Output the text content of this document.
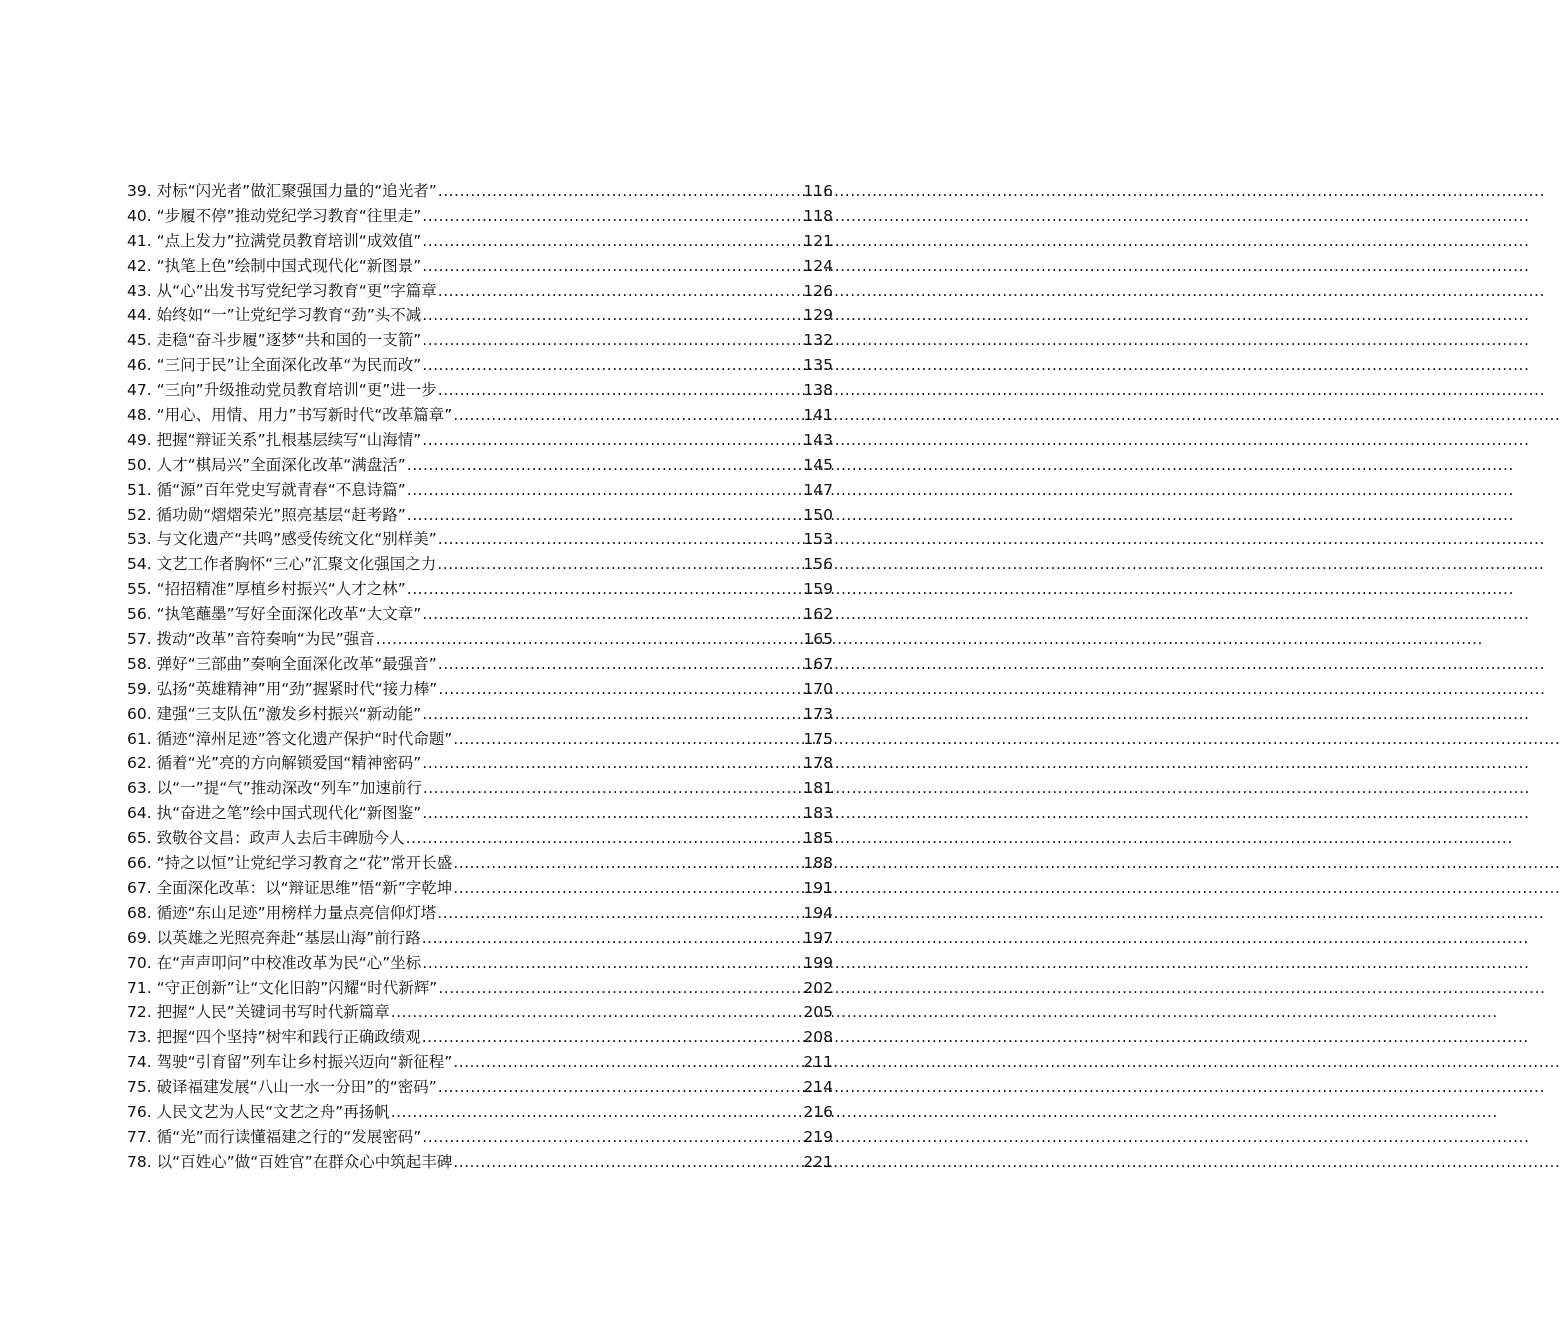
39. 对标“闪光者”做汇聚强国力量的“追光者” .....	116
40. “步履不停”推动党纪学习教育“往里走” .....	118
41. “点上发力”拉满党员教育培训“成效值” .....	121
42. “执笔上色”绘制中国式现代化“新图景” .....	124
43. 从“心”出发书写党纪学习教育“更”字篇章 .....	126
44. 始终如“一”让党纪学习教育“劲”头不减 .....	129
45. 走稳“奋斗步履”逐梦“共和国的一支箭” .....	132
46. “三问于民”让全面深化改革“为民而改” .....	135
47. “三向”升级推动党员教育培训“更”进一步 .....	138
48. “用心、用情、用力”书写新时代“改革篇章” .....	141
49. 把握“辩证关系”扎根基层续写“山海情” .....	143
50. 人才“棋局兴”全面深化改革“满盘活” .....	145
51. 循“源”百年党史写就青春“不息诗篇” .....	147
52. 循功勋“熠熠荣光”照亮基层“赶考路” .....	150
53. 与文化遗产“共鸣”感受传统文化“别样美” .....	153
54. 文艺工作者胸怀“三心”汇聚文化强国之力 .....	156
55. “招招精准”厚植乡村振兴“人才之林” .....	159
56. “执笔蘸墨”写好全面深化改革“大文章” .....	162
57. 拨动“改革”音符奏响“为民”强音 .....	165
58. 弹好“三部曲”奏响全面深化改革“最强音” .....	167
59. 弘扬“英雄精神”用“劲”握紧时代“接力棒” .....	170
60. 建强“三支队伍”激发乡村振兴“新动能” .....	173
61. 循迹“漳州足迹”答文化遗产保护“时代命题” .....	175
62. 循着“光”亮的方向解锁爱国“精神密码” .....	178
63. 以“一”提“气”推动深改“列车”加速前行 .....	181
64. 执“奋进之笔”绘中国式现代化“新图鉴” .....	183
65. 致敬谷文昌：政声人去后丰碑励今人 .....	185
66. “持之以恒”让党纪学习教育之“花”常开长盛 .....	188
67. 全面深化改革：以“辩证思维”悟“新”字乾坤 .....	191
68. 循迹“东山足迹”用榜样力量点亮信仰灯塔 .....	194
69. 以英雄之光照亮奔赴“基层山海”前行路 .....	197
70. 在“声声叩问”中校准改革为民“心”坐标 .....	199
71. “守正创新”让“文化旧韵”闪耀“时代新辉” .....	202
72. 把握“人民”关键词书写时代新篇章 .....	205
73. 把握“四个坚持”树牢和践行正确政绩观 .....	208
74. 驾驶“引育留”列车让乡村振兴迈向“新征程” .....	211
75. 破译福建发展“八山一水一分田”的“密码” .....	214
76. 人民文艺为人民“文艺之舟”再扬帆 .....	216
77. 循“光”而行读懂福建之行的“发展密码” .....	219
78. 以“百姓心”做“百姓官”在群众心中筑起丰碑 .....	221
